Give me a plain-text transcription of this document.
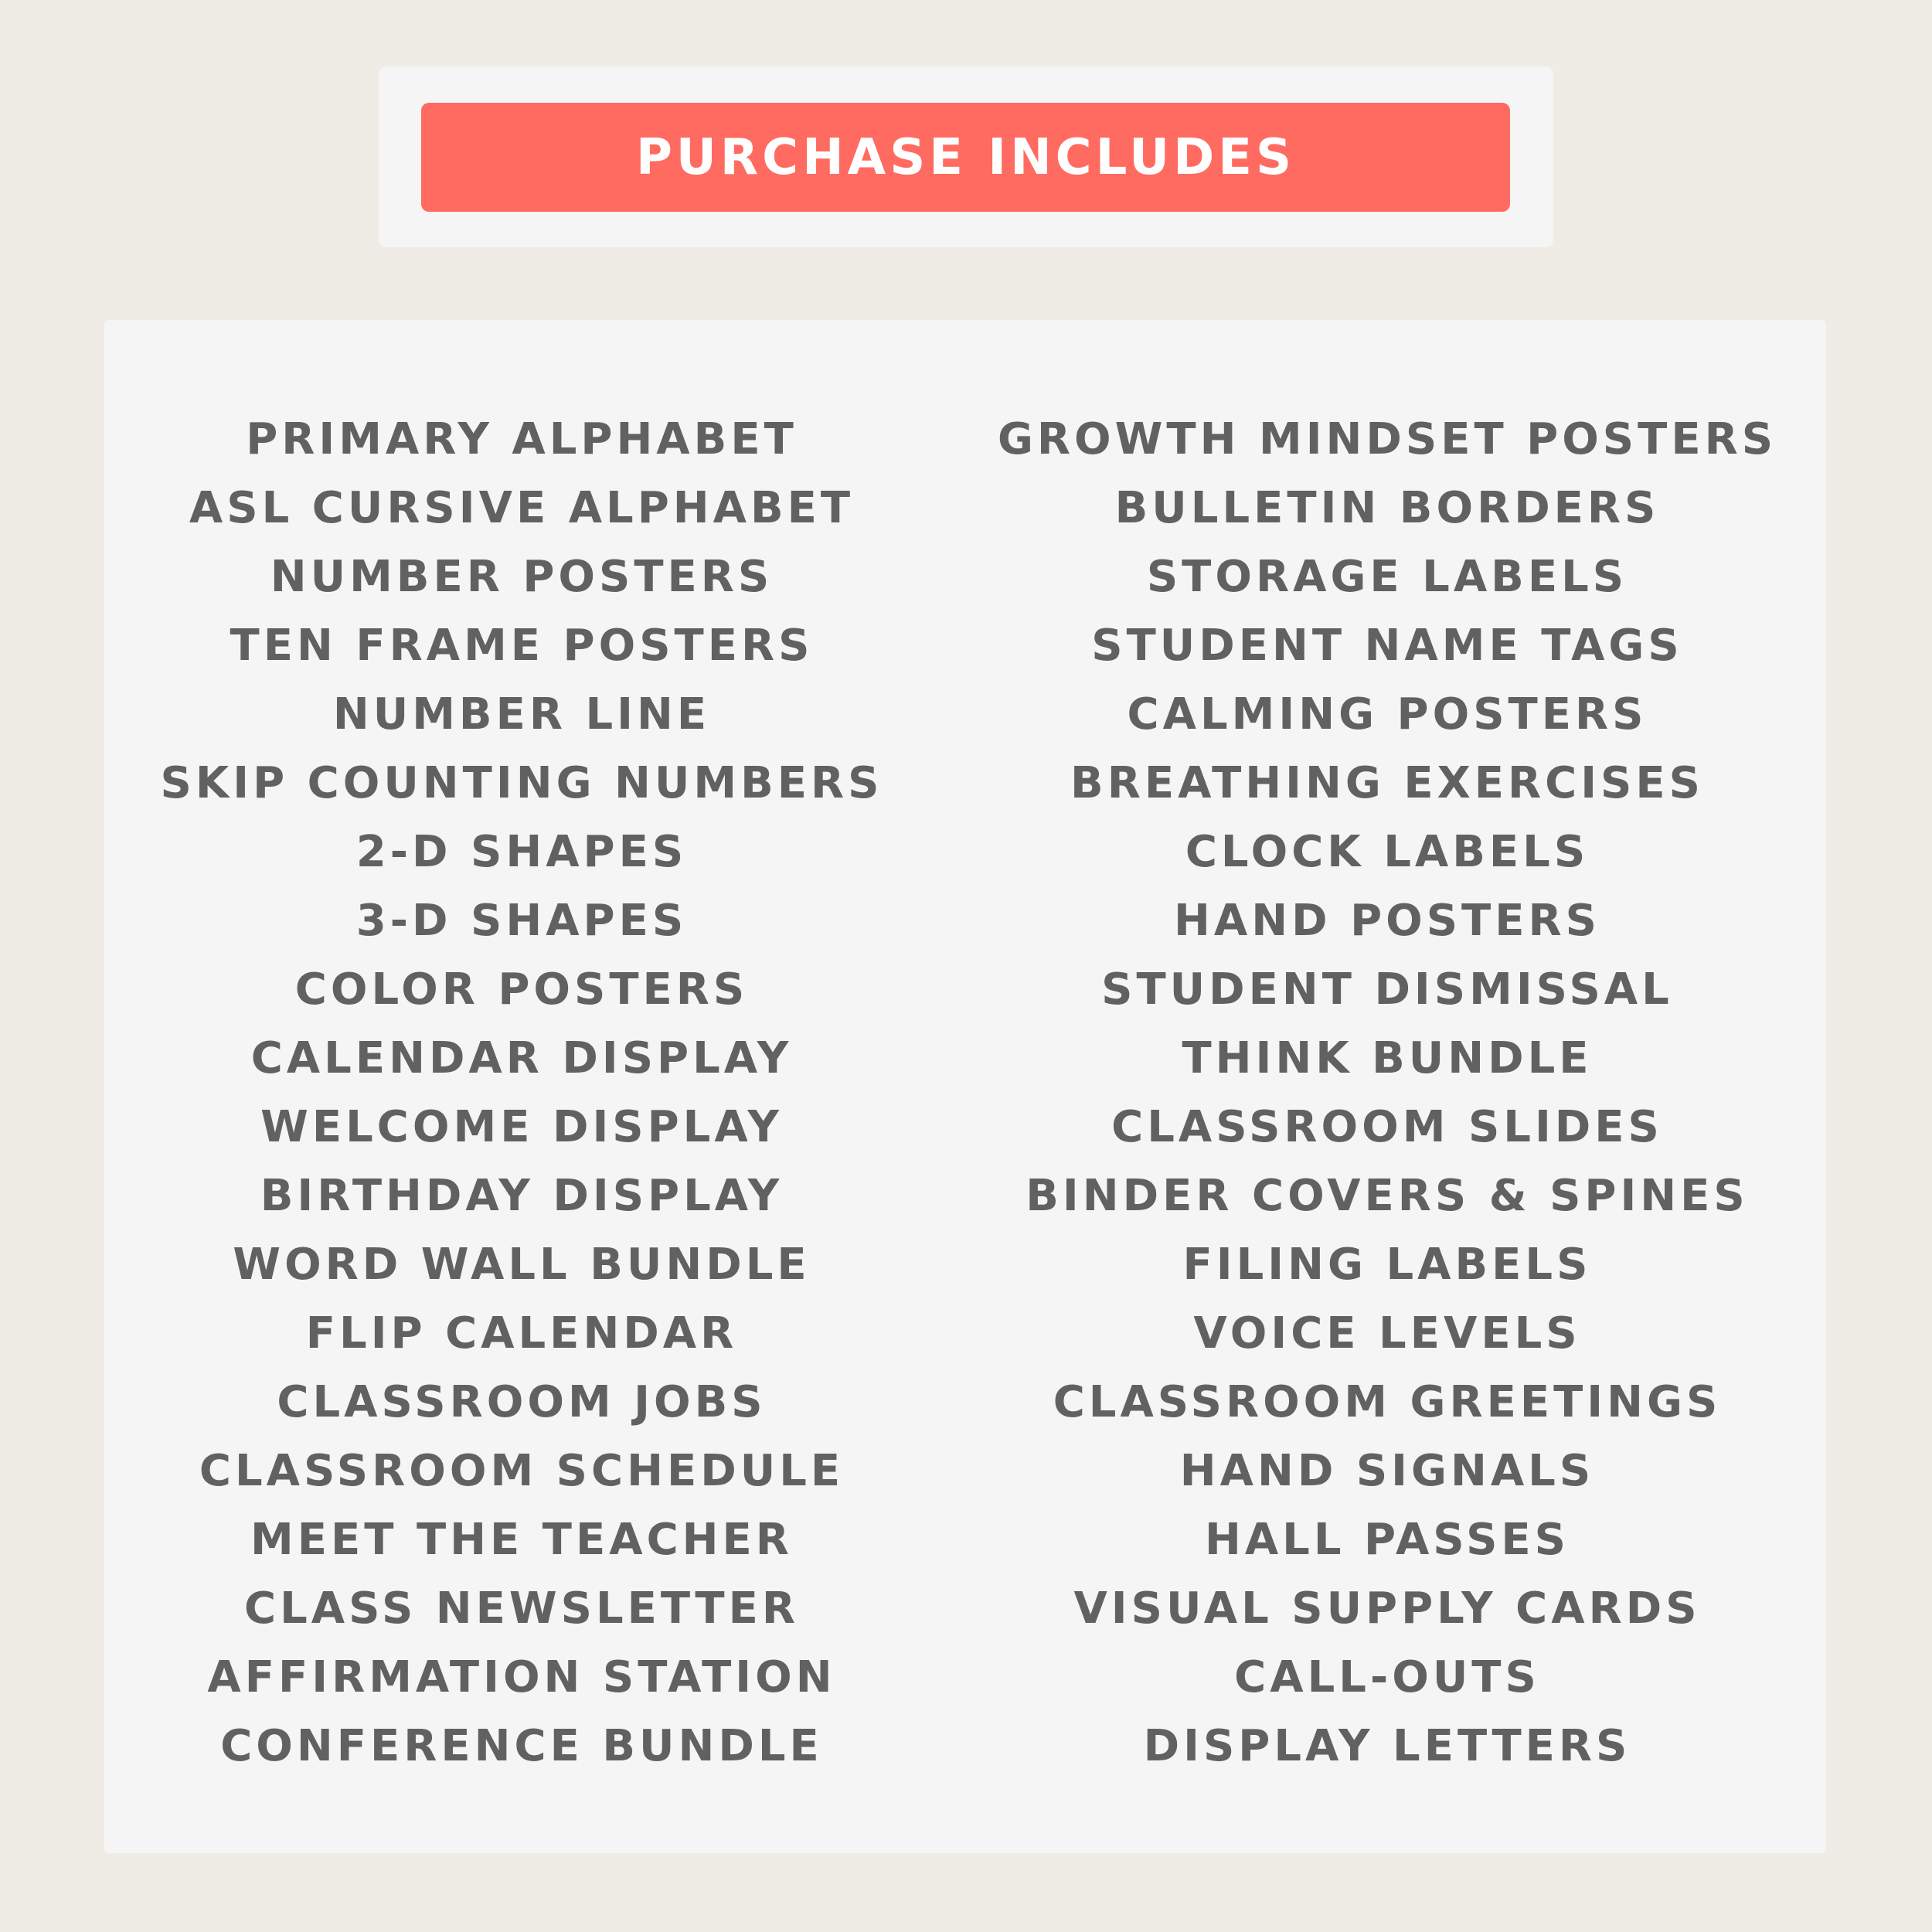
PURCHASE INCLUDES
PRIMARY ALPHABET
ASL CURSIVE ALPHABET
NUMBER POSTERS
TEN FRAME POSTERS
NUMBER LINE
SKIP COUNTING NUMBERS
2-D SHAPES
3-D SHAPES
COLOR POSTERS
CALENDAR DISPLAY
WELCOME DISPLAY
BIRTHDAY DISPLAY
WORD WALL BUNDLE
FLIP CALENDAR
CLASSROOM JOBS
CLASSROOM SCHEDULE
MEET THE TEACHER
CLASS NEWSLETTER
AFFIRMATION STATION
CONFERENCE BUNDLE
GROWTH MINDSET POSTERS
BULLETIN BORDERS
STORAGE LABELS
STUDENT NAME TAGS
CALMING POSTERS
BREATHING EXERCISES
CLOCK LABELS
HAND POSTERS
STUDENT DISMISSAL
THINK BUNDLE
CLASSROOM SLIDES
BINDER COVERS & SPINES
FILING LABELS
VOICE LEVELS
CLASSROOM GREETINGS
HAND SIGNALS
HALL PASSES
VISUAL SUPPLY CARDS
CALL-OUTS
DISPLAY LETTERS
